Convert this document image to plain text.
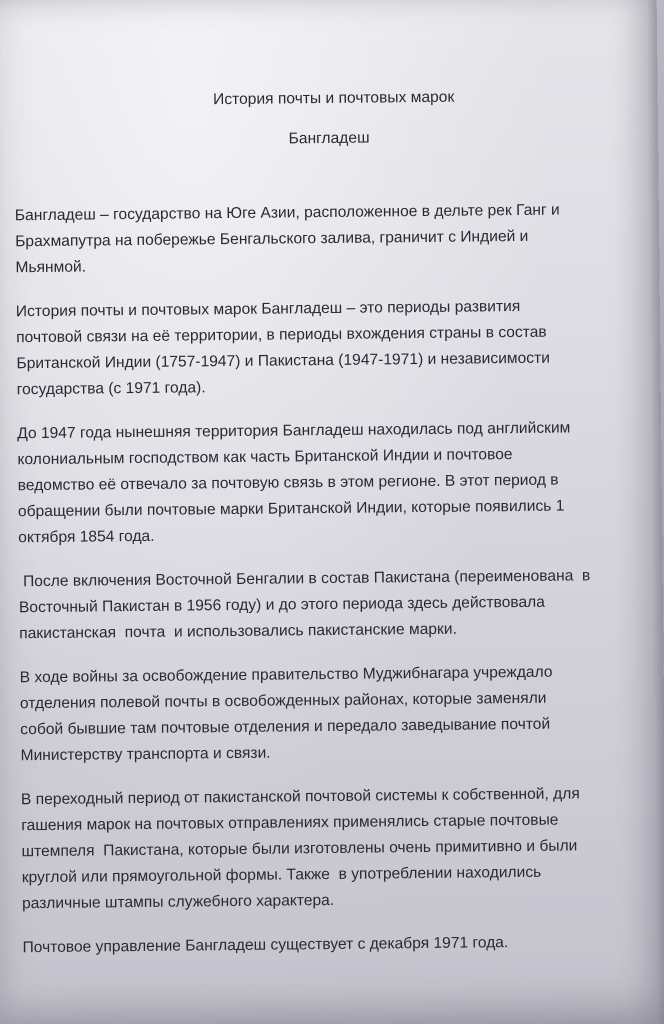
История почты и почтовых марок
Бангладеш

Бангладеш – государство на Юге Азии, расположенное в дельте рек Ганг и
Брахмапутра на побережье Бенгальского залива, граничит с Индией и
Мьянмой.

История почты и почтовых марок Бангладеш – это периоды развития
почтовой связи на её территории, в периоды вхождения страны в состав
Британской Индии (1757-1947) и Пакистана (1947-1971) и независимости
государства (с 1971 года).

До 1947 года нынешняя территория Бангладеш находилась под английским
колониальным господством как часть Британской Индии и почтовое
ведомство её отвечало за почтовую связь в этом регионе. В этот период в
обращении были почтовые марки Британской Индии, которые появились 1
октября 1854 года.

После включения Восточной Бенгалии в состав Пакистана (переименована  в
Восточный Пакистан в 1956 году) и до этого периода здесь действовала
пакистанская  почта  и использовались пакистанские марки.

В ходе войны за освобождение правительство Муджибнагара учреждало
отделения полевой почты в освобожденных районах, которые заменяли
собой бывшие там почтовые отделения и передало заведывание почтой
Министерству транспорта и связи.

В переходный период от пакистанской почтовой системы к собственной, для
гашения марок на почтовых отправлениях применялись старые почтовые
штемпеля  Пакистана, которые были изготовлены очень примитивно и были
круглой или прямоугольной формы. Также  в употреблении находились
различные штампы служебного характера.

Почтовое управление Бангладеш существует с декабря 1971 года.
